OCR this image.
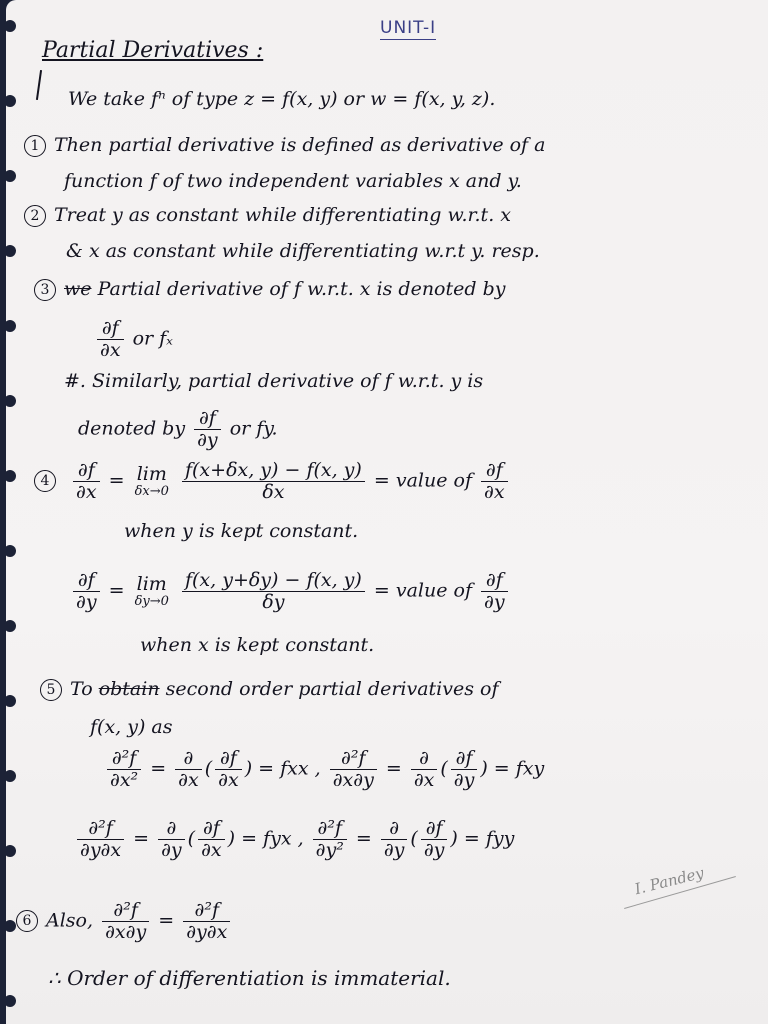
UNIT-I
Partial Derivatives :
We take fⁿ of type z = f(x, y) or w = f(x, y, z).
1 Then partial derivative is defined as derivative of a
function f of two independent variables x and y.
2 Treat y as constant while differentiating w.r.t. x
& x as constant while differentiating w.r.t y. resp.
3 we Partial derivative of f w.r.t. x is denoted by
$\frac{\partial f}{\partial x}$ or fₓ
#. Similarly, partial derivative of f w.r.t. y is
denoted by $\frac{\partial f}{\partial y}$ or fy.
$4 \frac{\partial f}{\partial x} = \lim$
δx→0
$\frac{f(x+\delta x, y) - f(x, y)}{\delta x}$ = value of $\frac{\partial f}{\partial x}$
when y is kept constant.
$\frac{\partial f}{\partial y} = \lim$
δy→0
$\frac{f(x, y+\delta y) - f(x, y)}{\delta y}$ = value of $\frac{\partial f}{\partial y}$
when x is kept constant.
5 To obtain second order partial derivatives of
f(x, y) as
$\frac{\text{∂²f}}{\text{∂x²}} = \frac{\partial}{\partial x}$ ( $\frac{\partial f}{\partial x}$ ) = fxx , $\frac{\text{∂²f}}{\partial x\partial y} = \frac{\partial}{\partial x}$ ( $\frac{\partial f}{\partial y}$ ) = fxy
$\frac{\text{∂²f}}{\partial y\partial x} = \frac{\partial}{\partial y}$ ( $\frac{\partial f}{\partial x}$ ) = fyx , $\frac{\text{∂²f}}{\text{∂y²}} = \frac{\partial}{\partial y}$ ( $\frac{\partial f}{\partial y}$ ) = fyy
I. Pandey
6 Also, $\frac{\text{∂²f}}{\partial x\partial y} = \frac{\text{∂²f}}{\partial y\partial x}$
∴ Order of differentiation is immaterial.
